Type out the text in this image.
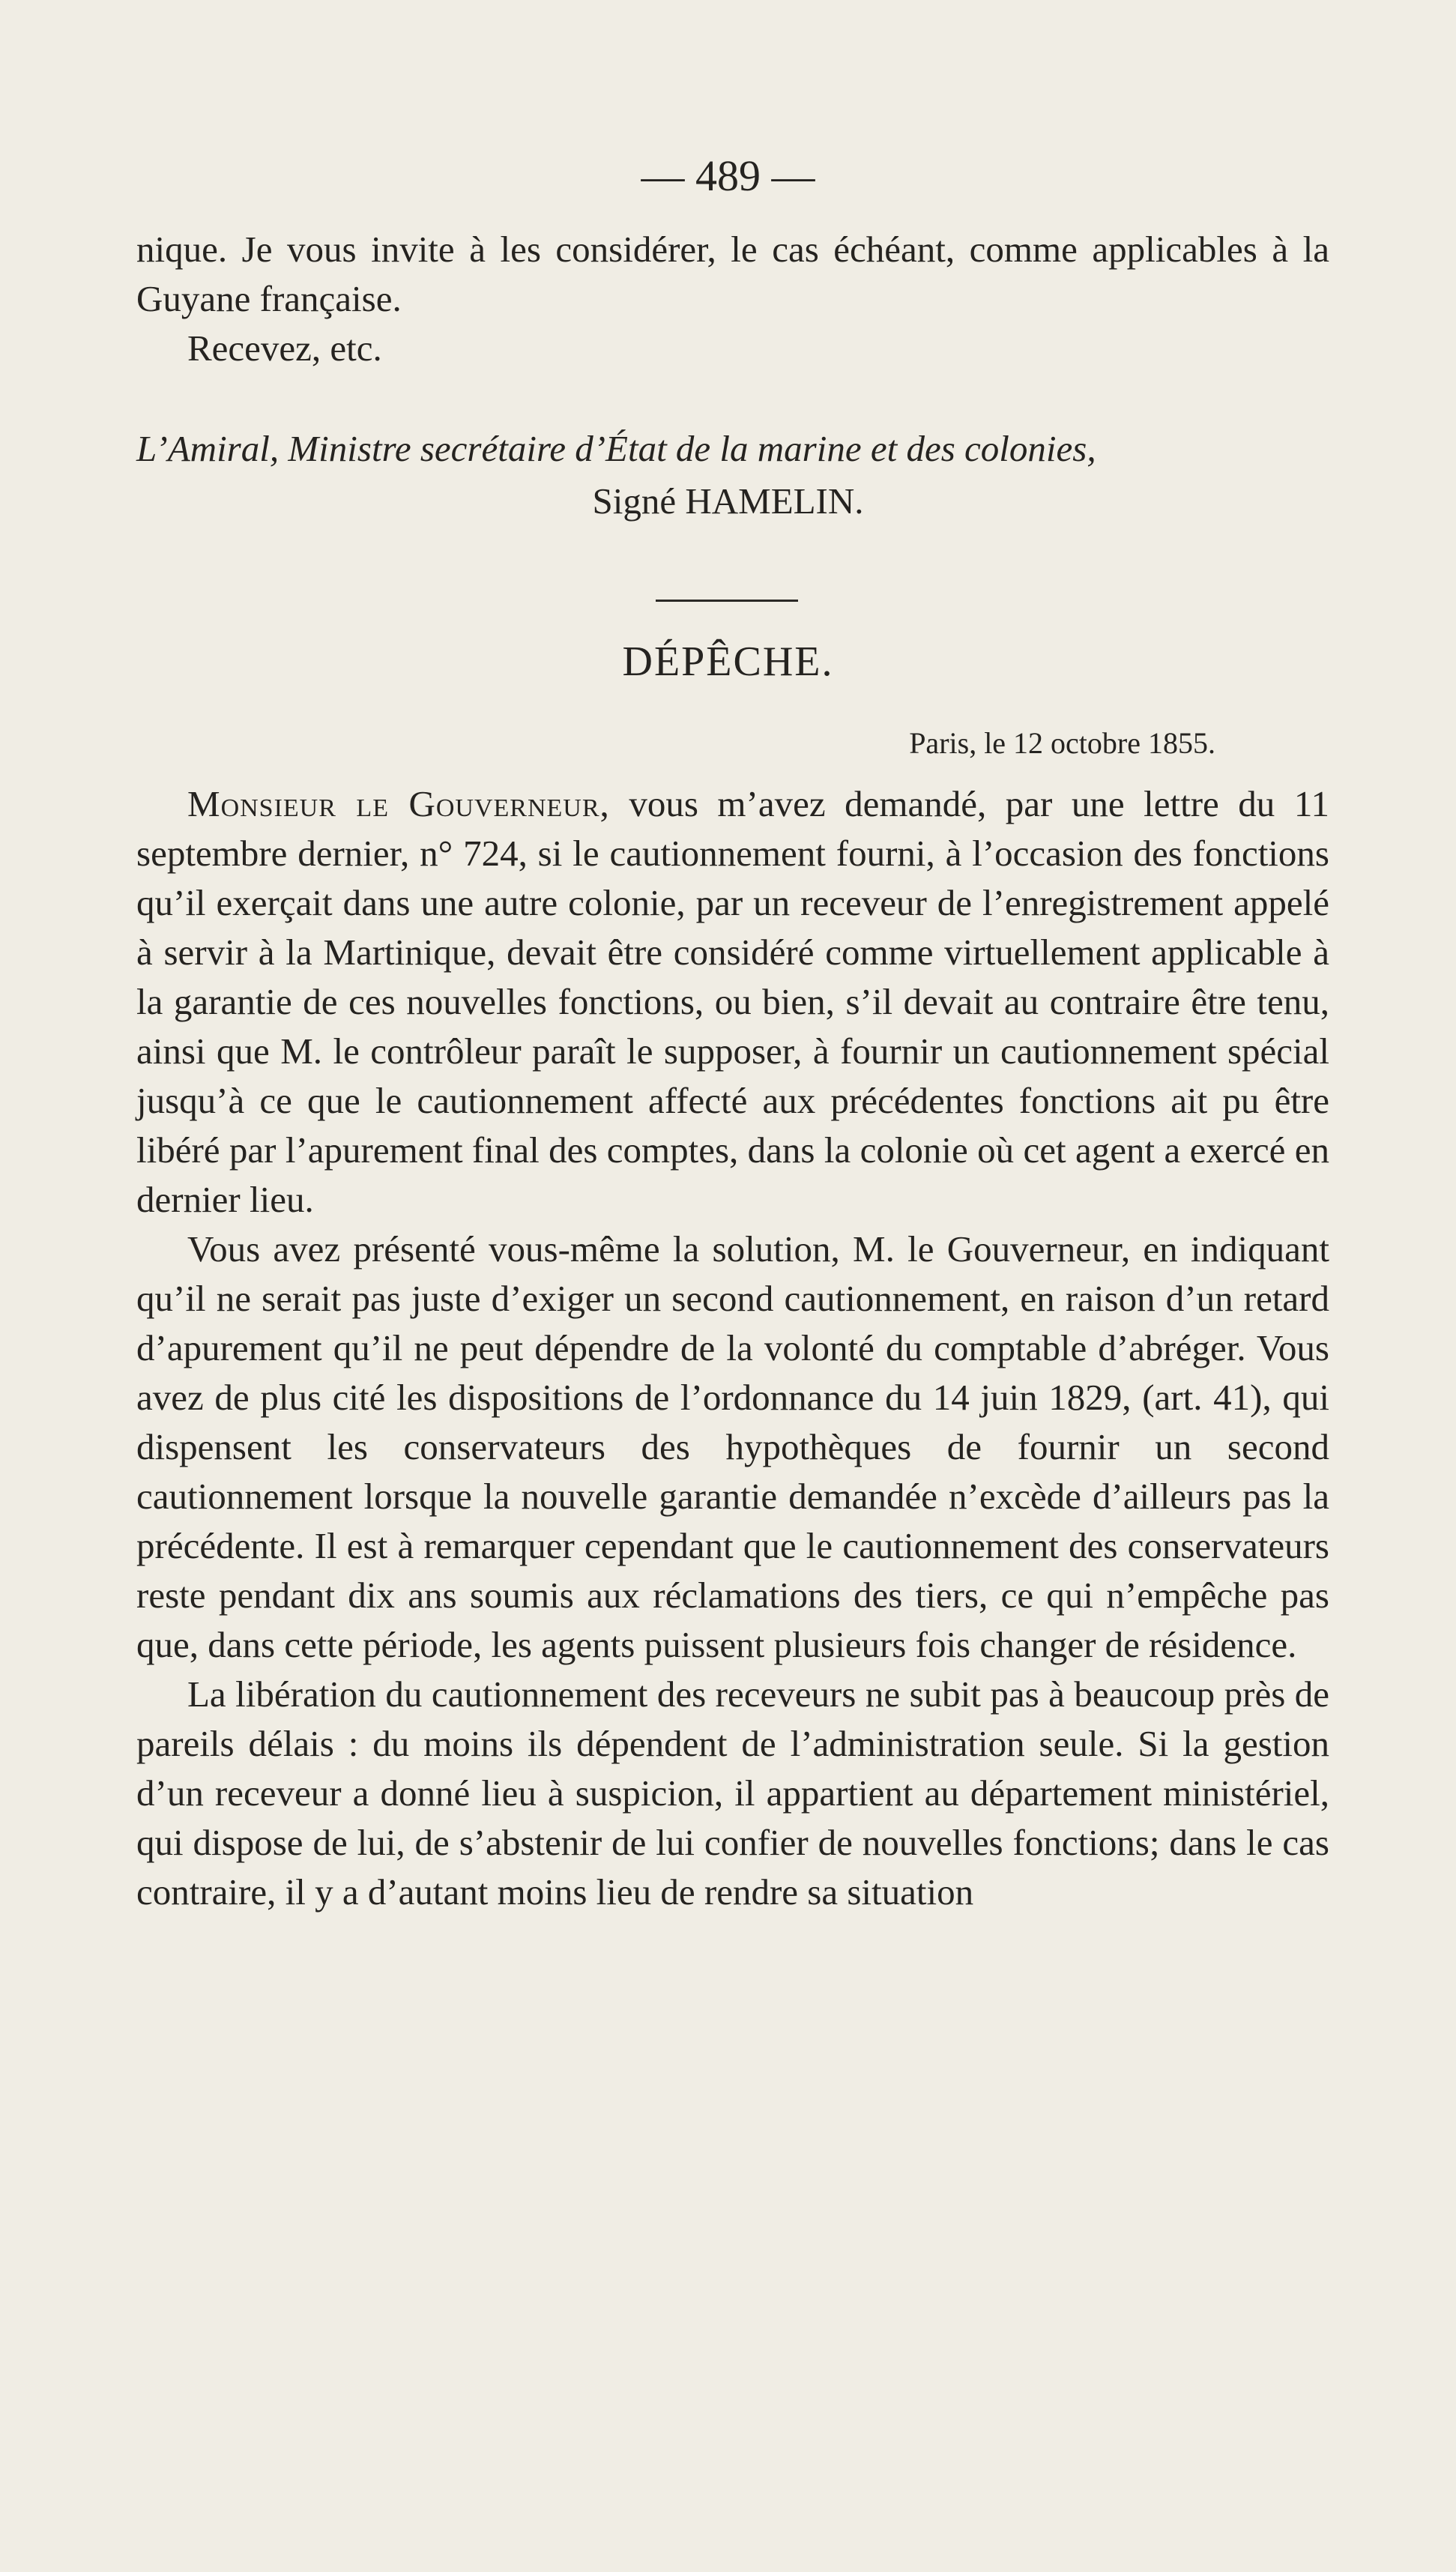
— 489 —

nique. Je vous invite à les considérer, le cas échéant, comme applicables à la Guyane française.

Recevez, etc.

L’Amiral, Ministre secrétaire d’État de la marine et des colonies,
Signé HAMELIN.
DÉPÊCHE.
Paris, le 12 octobre 1855.

Monsieur le Gouverneur, vous m’avez demandé, par une lettre du 11 septembre dernier, n° 724, si le cautionnement fourni, à l’occasion des fonctions qu’il exerçait dans une autre colonie, par un receveur de l’enregistrement appelé à servir à la Martinique, devait être considéré comme virtuellement applicable à la garantie de ces nouvelles fonctions, ou bien, s’il devait au contraire être tenu, ainsi que M. le contrôleur paraît le supposer, à fournir un cautionnement spécial jusqu’à ce que le cautionnement affecté aux précédentes fonctions ait pu être libéré par l’apurement final des comptes, dans la colonie où cet agent a exercé en dernier lieu.

Vous avez présenté vous-même la solution, M. le Gouverneur, en indiquant qu’il ne serait pas juste d’exiger un second cautionnement, en raison d’un retard d’apurement qu’il ne peut dépendre de la volonté du comptable d’abréger. Vous avez de plus cité les dispositions de l’ordonnance du 14 juin 1829, (art. 41), qui dispensent les conservateurs des hypothèques de fournir un second cautionnement lorsque la nouvelle garantie demandée n’excède d’ailleurs pas la précédente. Il est à remarquer cependant que le cautionnement des conservateurs reste pendant dix ans soumis aux réclamations des tiers, ce qui n’empêche pas que, dans cette période, les agents puissent plusieurs fois changer de résidence.

La libération du cautionnement des receveurs ne subit pas à beaucoup près de pareils délais : du moins ils dépendent de l’administration seule. Si la gestion d’un receveur a donné lieu à suspicion, il appartient au département ministériel, qui dispose de lui, de s’abstenir de lui confier de nouvelles fonctions; dans le cas contraire, il y a d’autant moins lieu de rendre sa situation
